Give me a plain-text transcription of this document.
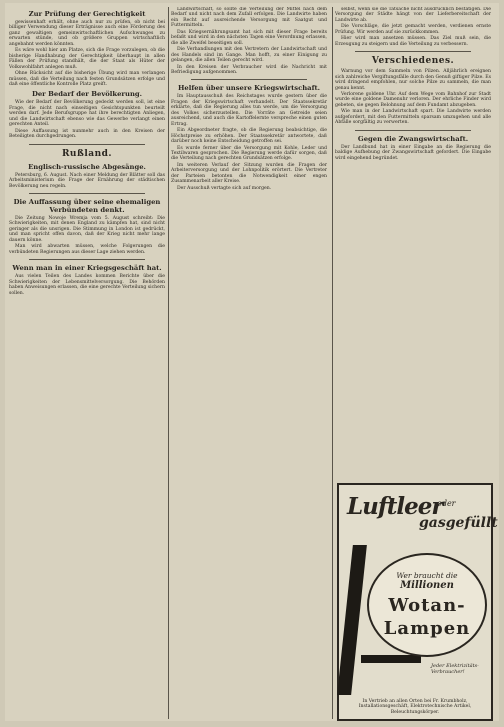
Zur Prüfung der Gerechtigkeit

gewissenhaft erhält, ohne auch nur zu prüfen, ob nicht bei billiger Verwendung dieser Erträgnisse auch eine Förderung des ganz gewaltigen gemeinwirtschaftlichen Aufschwunges zu erwarten stünde, und ob größere Gruppen wirtschaftlich angebahnt werden könnten.

Es wäre wohl hier am Platze, sich die Frage vorzulegen, ob die bisherige Handhabung der Gerechtigkeit überhaupt in allen Fällen der Prüfung standhält, die der Staat als Hüter der Volkswohlfahrt anlegen muß.

Ohne Rücksicht auf die bisherige Übung wird man verlangen müssen, daß die Verteilung nach festen Grundsätzen erfolge und daß eine öffentliche Kontrolle Platz greift.

Der Bedarf der Bevölkerung.

Wie der Bedarf der Bevölkerung gedeckt werden soll, ist eine Frage, die nicht nach einseitigen Gesichtspunkten beurteilt werden darf. Jede Berufsgruppe hat ihre berechtigten Anliegen, und die Landwirtschaft ebenso wie das Gewerbe verlangt einen gerechten Anteil.

Diese Auffassung ist nunmehr auch in den Kreisen der Beteiligten durchgedrungen.

Rußland.
Englisch-russische Abgesänge.

Petersburg, 6. August. Nach einer Meldung der Blätter soll das Arbeitsministerium die Frage der Ernährung der städtischen Bevölkerung neu regeln.

Die Auffassung über seine ehemaligen Verbündeten denkt.

Die Zeitung Nowoje Wremja vom 5. August schreibt: Die Schwierigkeiten, mit denen England zu kämpfen hat, sind nicht geringer als die unsrigen. Die Stimmung in London ist gedrückt, und man spricht offen davon, daß der Krieg nicht mehr lange dauern könne.

Man wird abwarten müssen, welche Folgerungen die verbündeten Regierungen aus dieser Lage ziehen werden.

Wenn man in einer Kriegsgeschäft hat.

Aus vielen Teilen des Landes kommen Berichte über die Schwierigkeiten der Lebensmittelversorgung. Die Behörden haben Anweisungen erlassen, die eine gerechte Verteilung sichern sollen.

Landwirtschaft, so sollte die Verteilung der Mittel nach dem Bedarf und nicht nach dem Zufall erfolgen. Die Landwirte haben ein Recht auf ausreichende Versorgung mit Saatgut und Futtermitteln.

Das Kriegsernährungsamt hat sich mit dieser Frage bereits befaßt und wird in den nächsten Tagen eine Verordnung erlassen, die alle Zweifel beseitigen soll.

Die Verhandlungen mit den Vertretern der Landwirtschaft und des Handels sind im Gange. Man hofft, zu einer Einigung zu gelangen, die allen Teilen gerecht wird.

In den Kreisen der Verbraucher wird die Nachricht mit Befriedigung aufgenommen.

Helfen über unsere Kriegswirtschaft.

Im Hauptausschuß des Reichstages wurde gestern über die Fragen der Kriegswirtschaft verhandelt. Der Staatssekretär erklärte, daß die Regierung alles tun werde, um die Versorgung des Volkes sicherzustellen. Die Vorräte an Getreide seien ausreichend, und auch die Kartoffelernte verspreche einen guten Ertrag.

Ein Abgeordneter fragte, ob die Regierung beabsichtige, die Höchstpreise zu erhöhen. Der Staatssekretär antwortete, daß darüber noch keine Entscheidung getroffen sei.

Es wurde ferner über die Versorgung mit Kohle, Leder und Textilwaren gesprochen. Die Regierung werde dafür sorgen, daß die Verteilung nach gerechten Grundsätzen erfolge.

Im weiteren Verlauf der Sitzung wurden die Fragen der Arbeiterversorgung und der Lohnpolitik erörtert. Die Vertreter der Parteien betonten die Notwendigkeit einer engen Zusammenarbeit aller Kreise.

Der Ausschuß vertagte sich auf morgen.

selbst, wenn sie die Tatsache nicht ausdrücklich bestätigen. Die Versorgung der Städte hängt von der Lieferbereitschaft der Landwirte ab.

Die Vorschläge, die jetzt gemacht werden, verdienen ernste Prüfung. Wir werden auf sie zurückkommen.

Hier wird man ansetzen müssen. Das Ziel muß sein, die Erzeugung zu steigern und die Verteilung zu verbessern.

Verschiedenes.

Warnung vor dem Sammeln von Pilzen. Alljährlich ereignen sich zahlreiche Vergiftungsfälle durch den Genuß giftiger Pilze. Es wird dringend empfohlen, nur solche Pilze zu sammeln, die man genau kennt.

Verlorene goldene Uhr. Auf dem Wege vom Bahnhof zur Stadt wurde eine goldene Damenuhr verloren. Der ehrliche Finder wird gebeten, sie gegen Belohnung auf dem Fundamt abzugeben.

Wie man in der Landwirtschaft spart. Die Landwirte werden aufgefordert, mit den Futtermitteln sparsam umzugehen und alle Abfälle sorgfältig zu verwerten.

Gegen die Zwangswirtschaft.

Der Landbund hat in einer Eingabe an die Regierung die baldige Aufhebung der Zwangswirtschaft gefordert. Die Eingabe wird eingehend begründet.

Luftleer
oder
gasgefüllt
Wer braucht die
Millionen
Wotan-
Lampen
Jeder Elektrizitäts-Verbraucher!
In Vertrieb an allen Orten bei Fr. Krumbholz, Installationsgeschäft, Elektrotechnische Artikel, Beleuchtungskörper.
